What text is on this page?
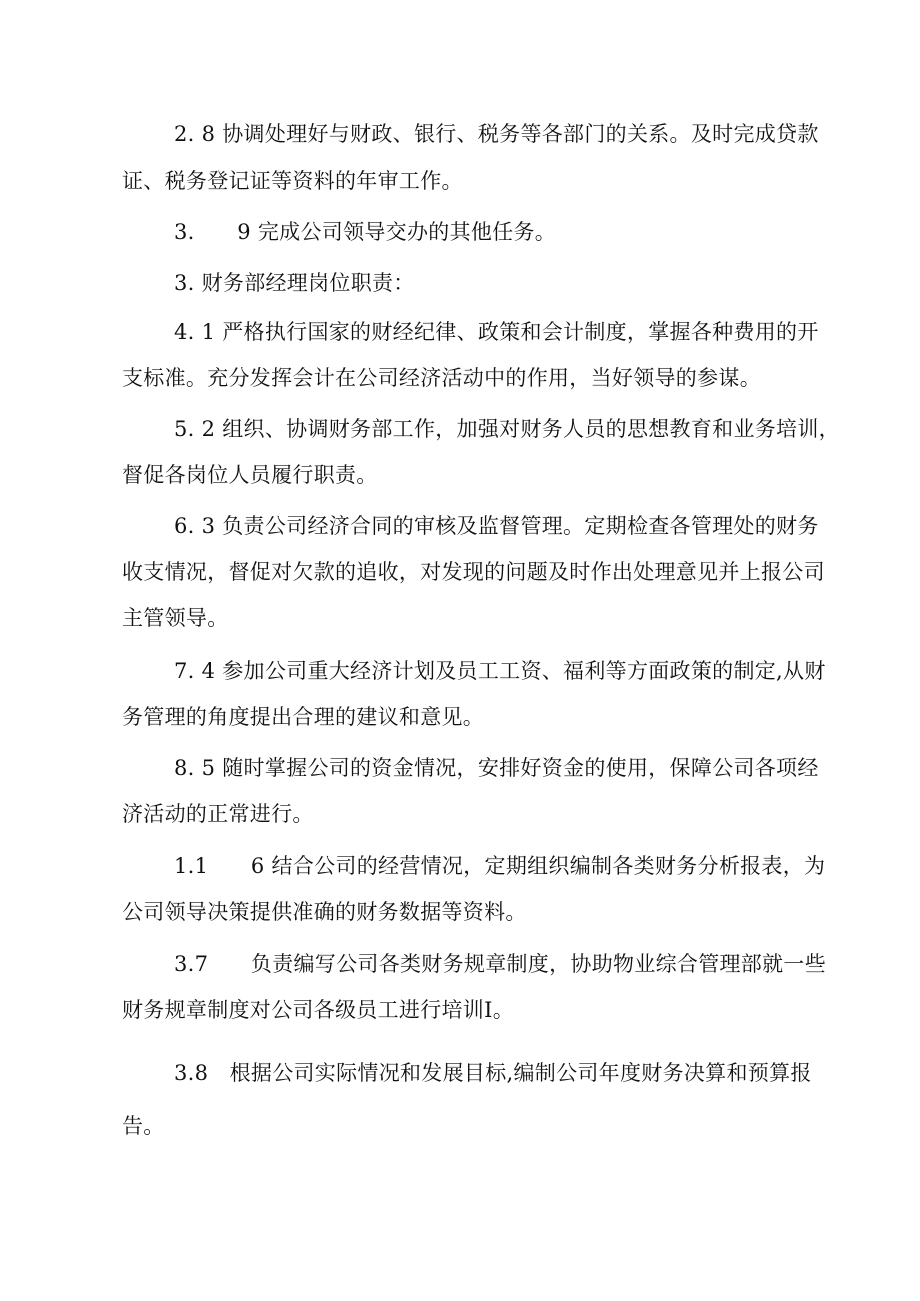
2. 8 协调处理好与财政、银行、税务等各部门的关系。及时完成贷款
证、税务登记证等资料的年审工作。
3.　　9 完成公司领导交办的其他任务。
3. 财务部经理岗位职责：
4. 1 严格执行国家的财经纪律、政策和会计制度，掌握各种费用的开
支标准。充分发挥会计在公司经济活动中的作用，当好领导的参谋。
5. 2 组织、协调财务部工作，加强对财务人员的思想教育和业务培训，
督促各岗位人员履行职责。
6. 3 负责公司经济合同的审核及监督管理。定期检查各管理处的财务
收支情况，督促对欠款的追收，对发现的问题及时作出处理意见并上报公司
主管领导。
7. 4 参加公司重大经济计划及员工工资、福利等方面政策的制定,从财
务管理的角度提出合理的建议和意见。
8. 5 随时掌握公司的资金情况，安排好资金的使用，保障公司各项经
济活动的正常进行。
1.1　　6 结合公司的经营情况，定期组织编制各类财务分析报表，为
公司领导决策提供准确的财务数据等资料。
3.7　　负责编写公司各类财务规章制度，协助物业综合管理部就一些
财务规章制度对公司各级员工进行培训Ⅰ。
3.8　根据公司实际情况和发展目标,编制公司年度财务决算和预算报
告。
